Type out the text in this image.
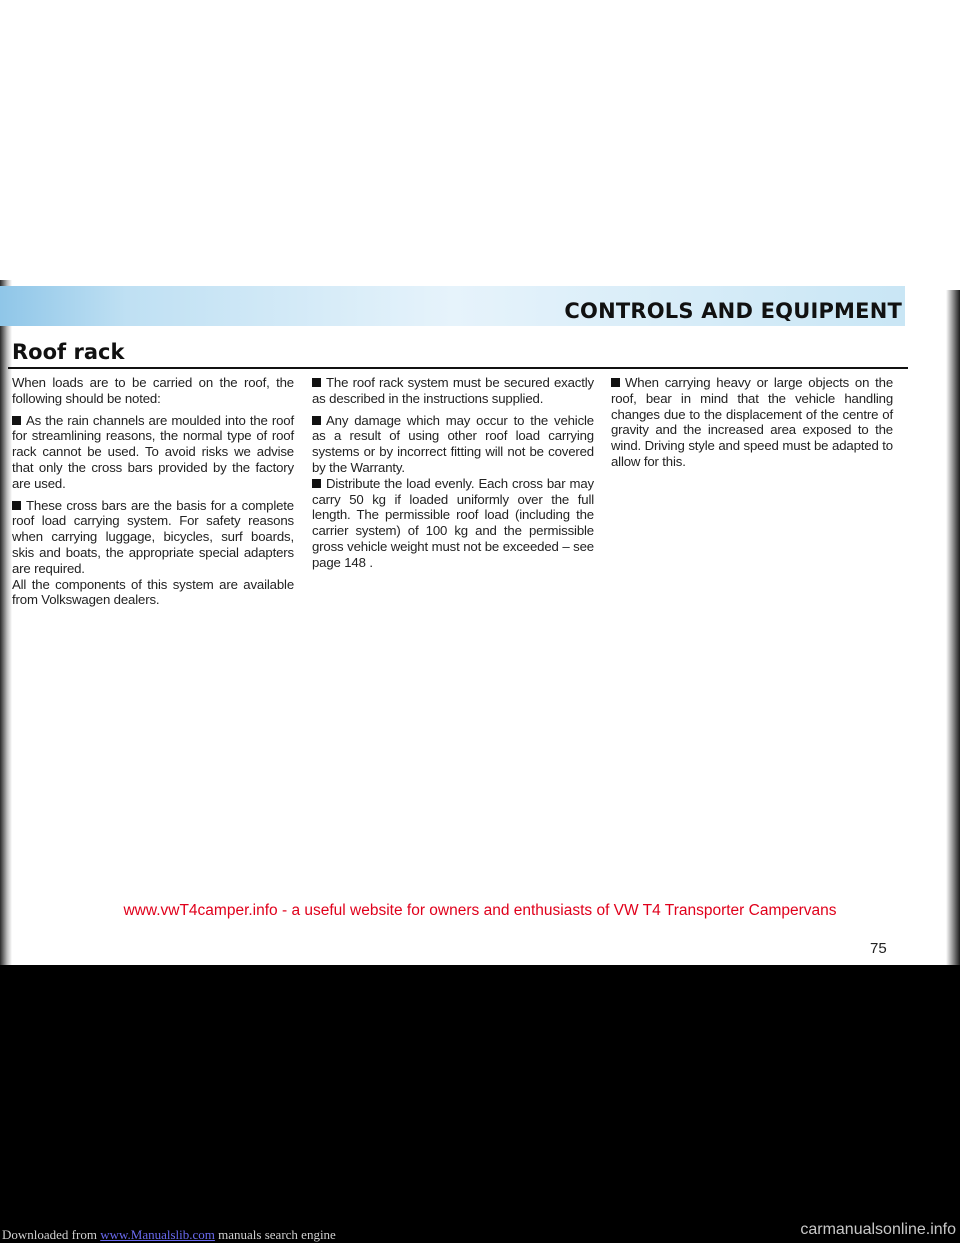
CONTROLS AND EQUIPMENT
Roof rack

When loads are to be carried on the roof, the following should be noted:

As the rain channels are moulded into the roof for streamlining reasons, the normal type of roof rack cannot be used. To avoid risks we advise that only the cross bars provided by the factory are used.

These cross bars are the basis for a complete roof load carrying system. For safety reasons when carrying luggage, bicycles, surf boards, skis and boats, the appropriate special adapters are required.

All the components of this system are available from Volkswagen dealers.

The roof rack system must be secured exactly as described in the instructions supplied.

Any damage which may occur to the vehicle as a result of using other roof load carrying systems or by incorrect fitting will not be covered by the Warranty.

Distribute the load evenly. Each cross bar may carry 50 kg if loaded uniformly over the full length. The permissible roof load (including the carrier system) of 100 kg and the permissible gross vehicle weight must not be exceeded – see page 148 .

When carrying heavy or large objects on the roof, bear in mind that the vehicle handling changes due to the displacement of the centre of gravity and the increased area exposed to the wind. Driving style and speed must be adapted to allow for this.

www.vwT4camper.info - a useful website for owners and enthusiasts of VW T4 Transporter Campervans
75
Downloaded from www.Manualslib.com manuals search engine	carmanualsonline.info
